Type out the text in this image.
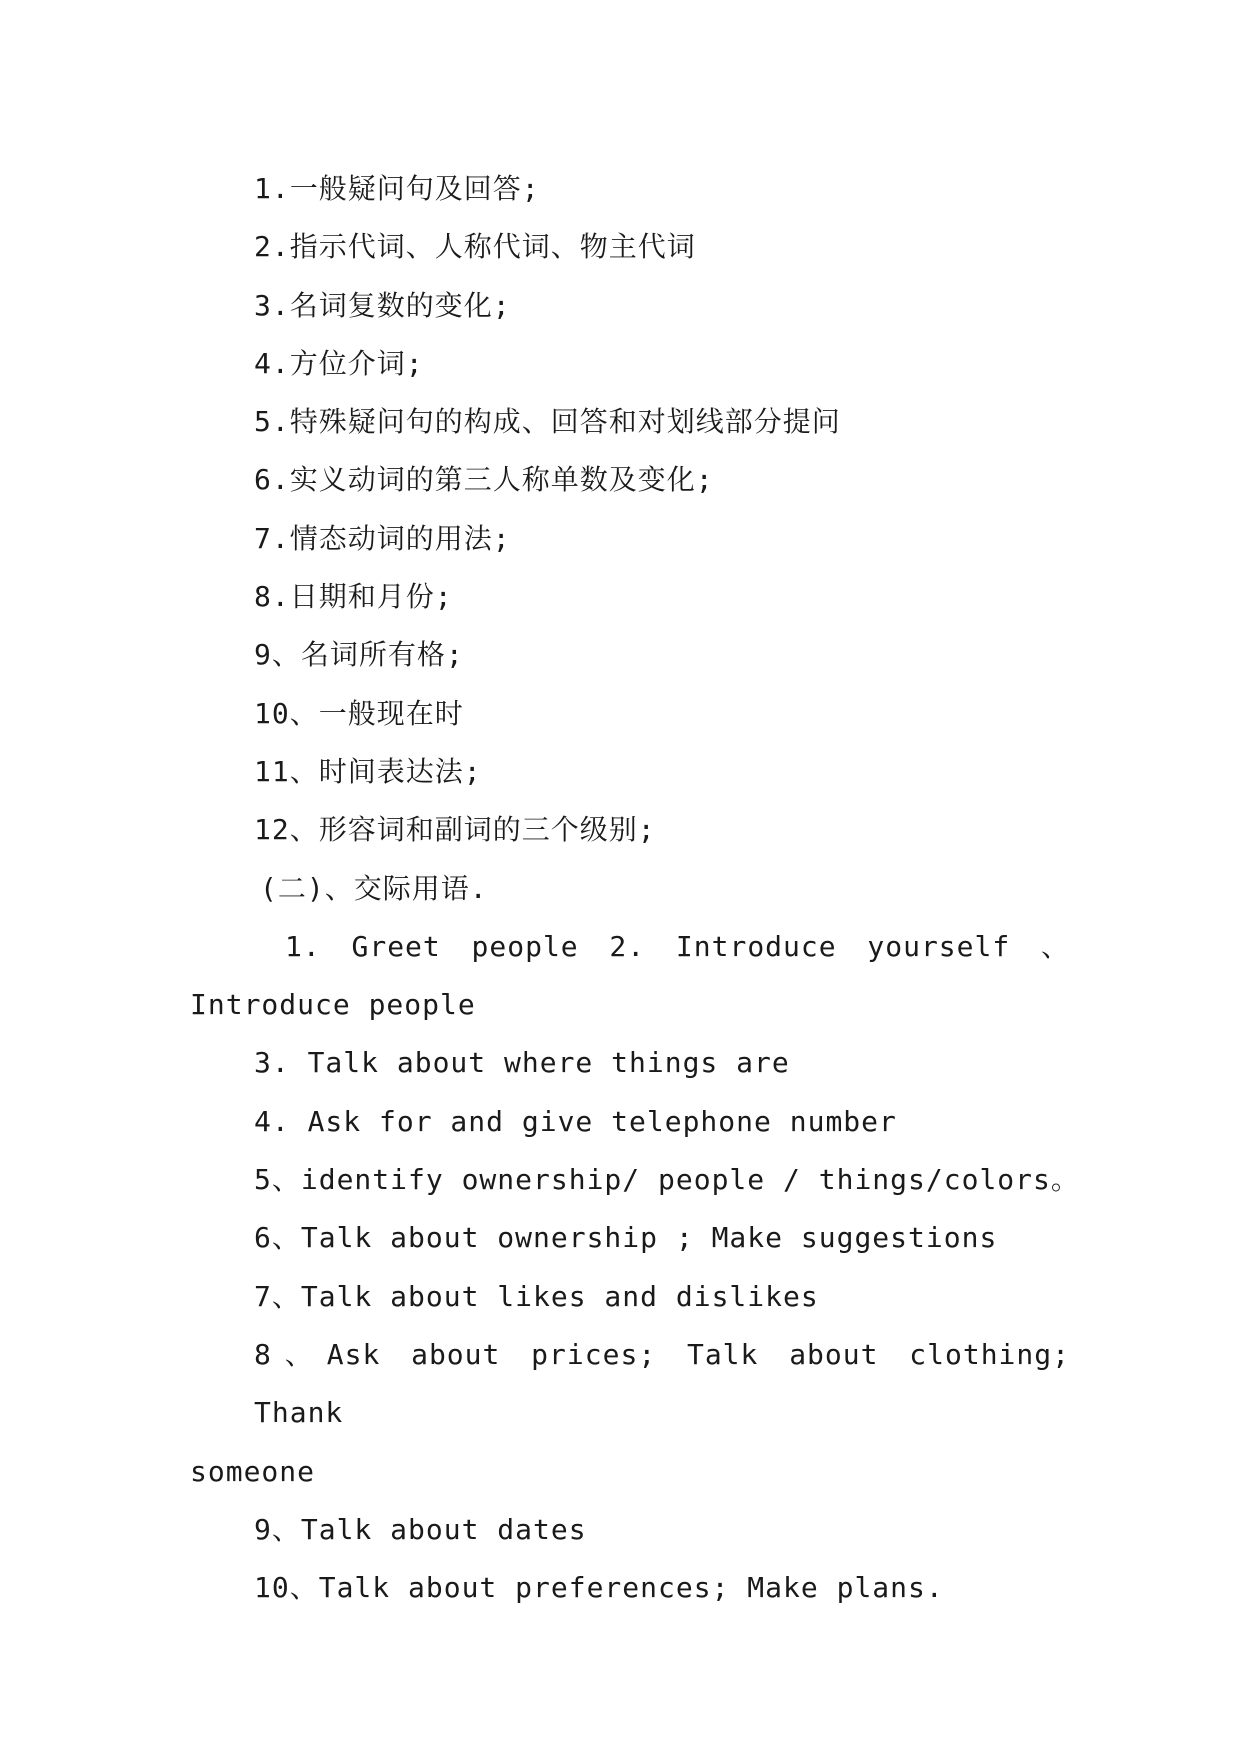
1.一般疑问句及回答;
2.指示代词、人称代词、物主代词
3.名词复数的变化;
4.方位介词;
5.特殊疑问句的构成、回答和对划线部分提问
6.实义动词的第三人称单数及变化;
7.情态动词的用法;
8.日期和月份;
9、名词所有格;
10、一般现在时
11、时间表达法;
12、形容词和副词的三个级别;
(二)、交际用语.
1. Greet people 2. Introduce yourself 、
Introduce people
3. Talk about where things are
4. Ask for and give telephone number
5、identify ownership/ people / things/colors。
6、Talk about ownership ; Make suggestions
7、Talk about likes and dislikes
8、Ask about prices; Talk about clothing; Thank
someone
9、Talk about dates
10、Talk about preferences; Make plans.
